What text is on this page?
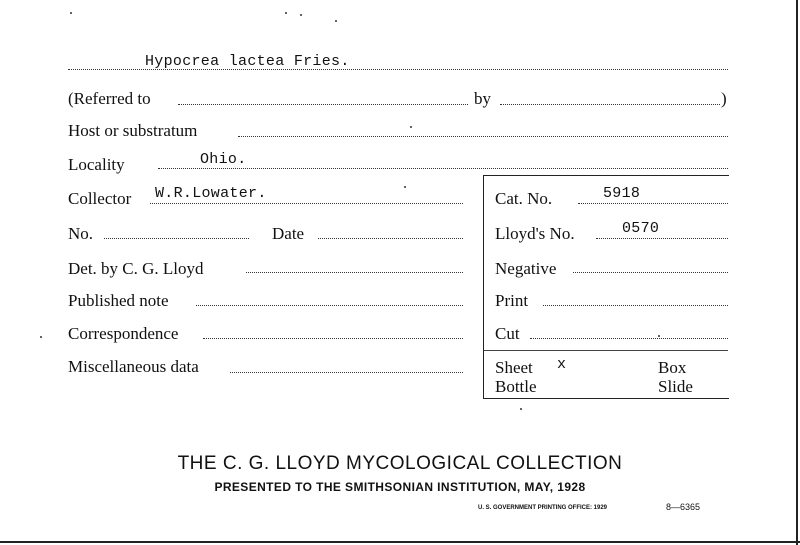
Hypocrea lactea Fries.
(Referred to	by	)
Host or substratum
Locality	Ohio.
Collector W.R.Lowater.
No.	Date
Det. by C. G. Lloyd
Published note
Correspondence
Miscellaneous data
Cat. No.	5918
Lloyd's No.	0570
Negative
Print
Cut
Sheet x	Box
Bottle	Slide
THE C. G. LLOYD MYCOLOGICAL COLLECTION
PRESENTED TO THE SMITHSONIAN INSTITUTION, MAY, 1928
U. S. GOVERNMENT PRINTING OFFICE: 1929	8—6365
